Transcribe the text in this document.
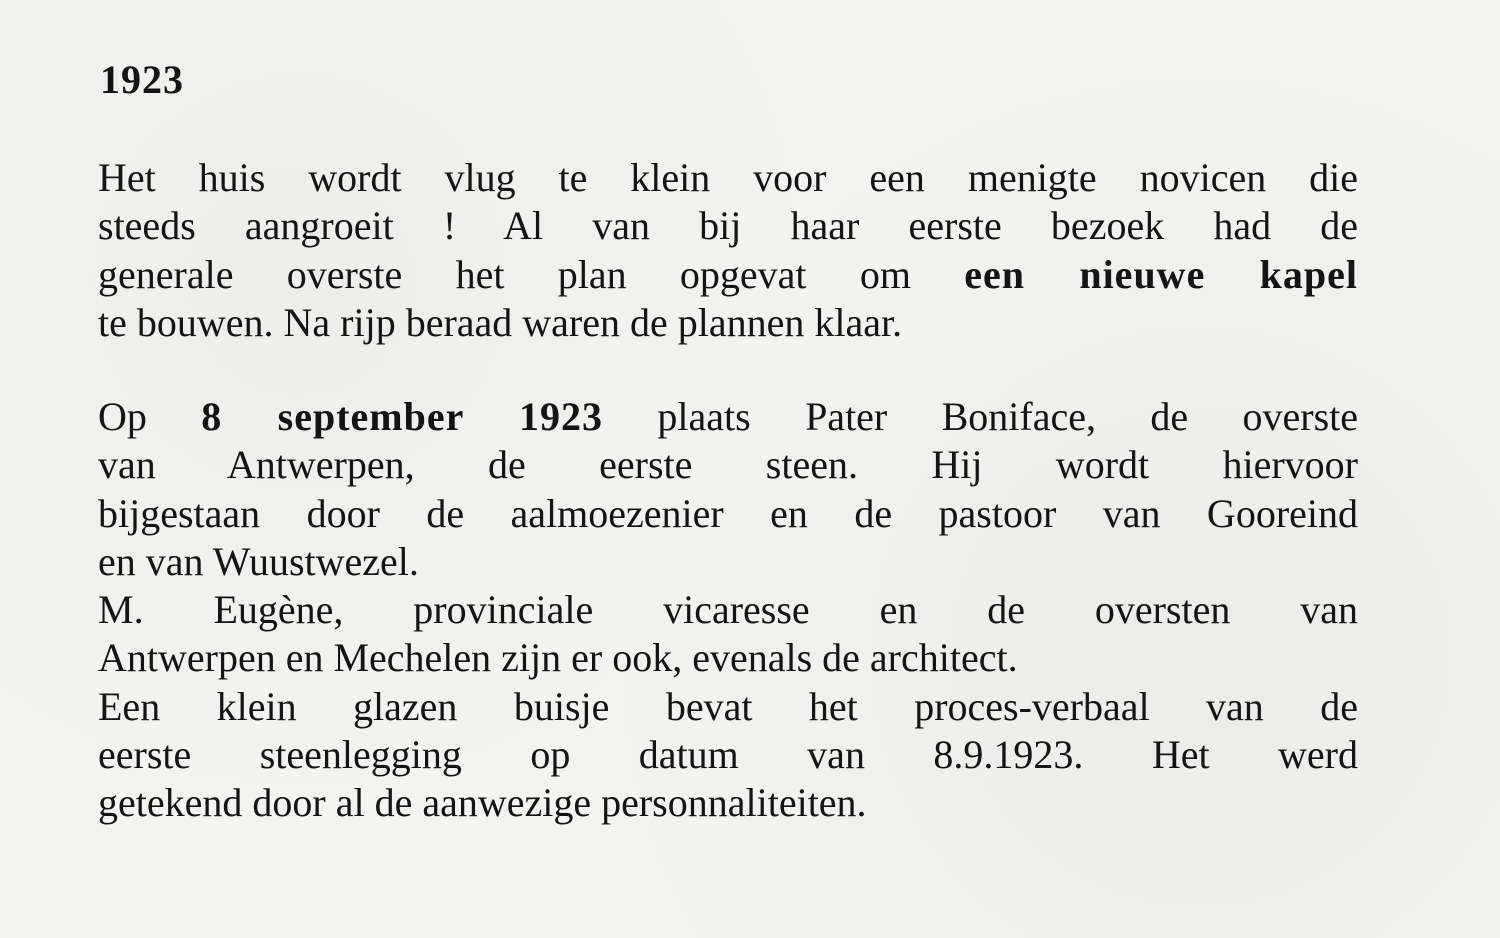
1923
Het huis wordt vlug te klein voor een menigte novicen die
steeds aangroeit ! Al van bij haar eerste bezoek had de
generale overste het plan opgevat om een nieuwe kapel
te bouwen. Na rijp beraad waren de plannen klaar.
Op 8 september 1923 plaats Pater Boniface, de overste
van Antwerpen, de eerste steen. Hij wordt hiervoor
bijgestaan door de aalmoezenier en de pastoor van Gooreind
en van Wuustwezel.
M. Eugène, provinciale vicaresse en de oversten van
Antwerpen en Mechelen zijn er ook, evenals de architect.
Een klein glazen buisje bevat het proces-verbaal van de
eerste steenlegging op datum van 8.9.1923. Het werd
getekend door al de aanwezige personnaliteiten.
